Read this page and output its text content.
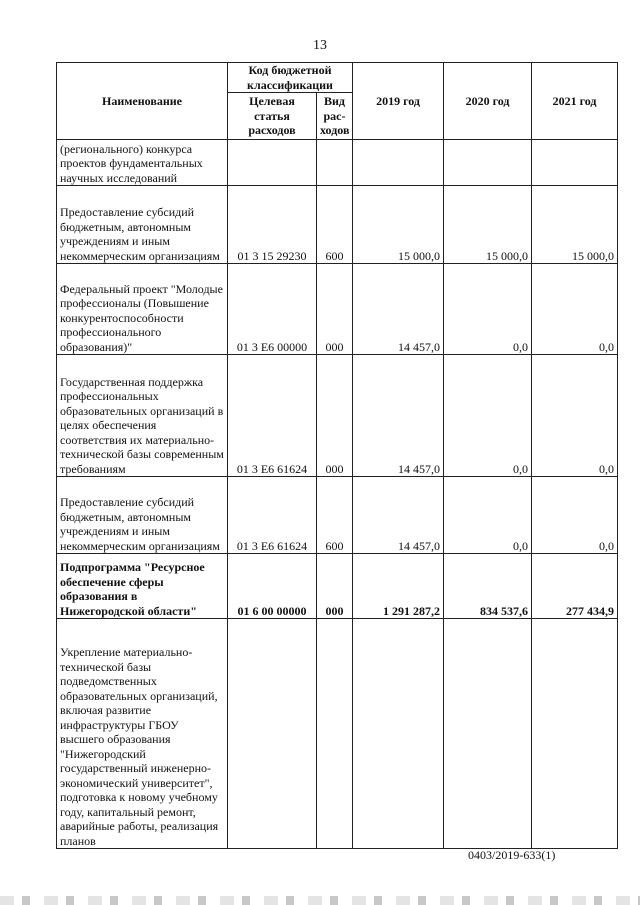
13
Наименование	Код бюджетной классификации		2019 год	2020 год	2021 год
	Целевая статья расходов	Вид рас-ходов			
(регионального) конкурса проектов фундаментальных научных исследований					
Предоставление субсидий бюджетным, автономным учреждениям и иным некоммерческим организациям	01 3 15 29230	600	15 000,0	15 000,0	15 000,0
Федеральный проект "Молодые профессионалы (Повышение конкурентоспособности профессионального образования)"	01 3 Е6 00000	000	14 457,0	0,0	0,0
Государственная поддержка профессиональных образовательных организаций в целях обеспечения соответствия их материально-технической базы современным требованиям	01 3 Е6 61624	000	14 457,0	0,0	0,0
Предоставление субсидий бюджетным, автономным учреждениям и иным некоммерческим организациям	01 3 Е6 61624	600	14 457,0	0,0	0,0
Подпрограмма "Ресурсное обеспечение сферы образования в Нижегородской области"	01 6 00 00000	000	1 291 287,2	834 537,6	277 434,9
Укрепление материально-технической базы подведомственных образовательных организаций, включая развитие инфраструктуры ГБОУ высшего образования "Нижегородский государственный инженерно-экономический университет", подготовка к новому учебному году, капитальный ремонт, аварийные работы, реализация планов					
0403/2019-633(1)
